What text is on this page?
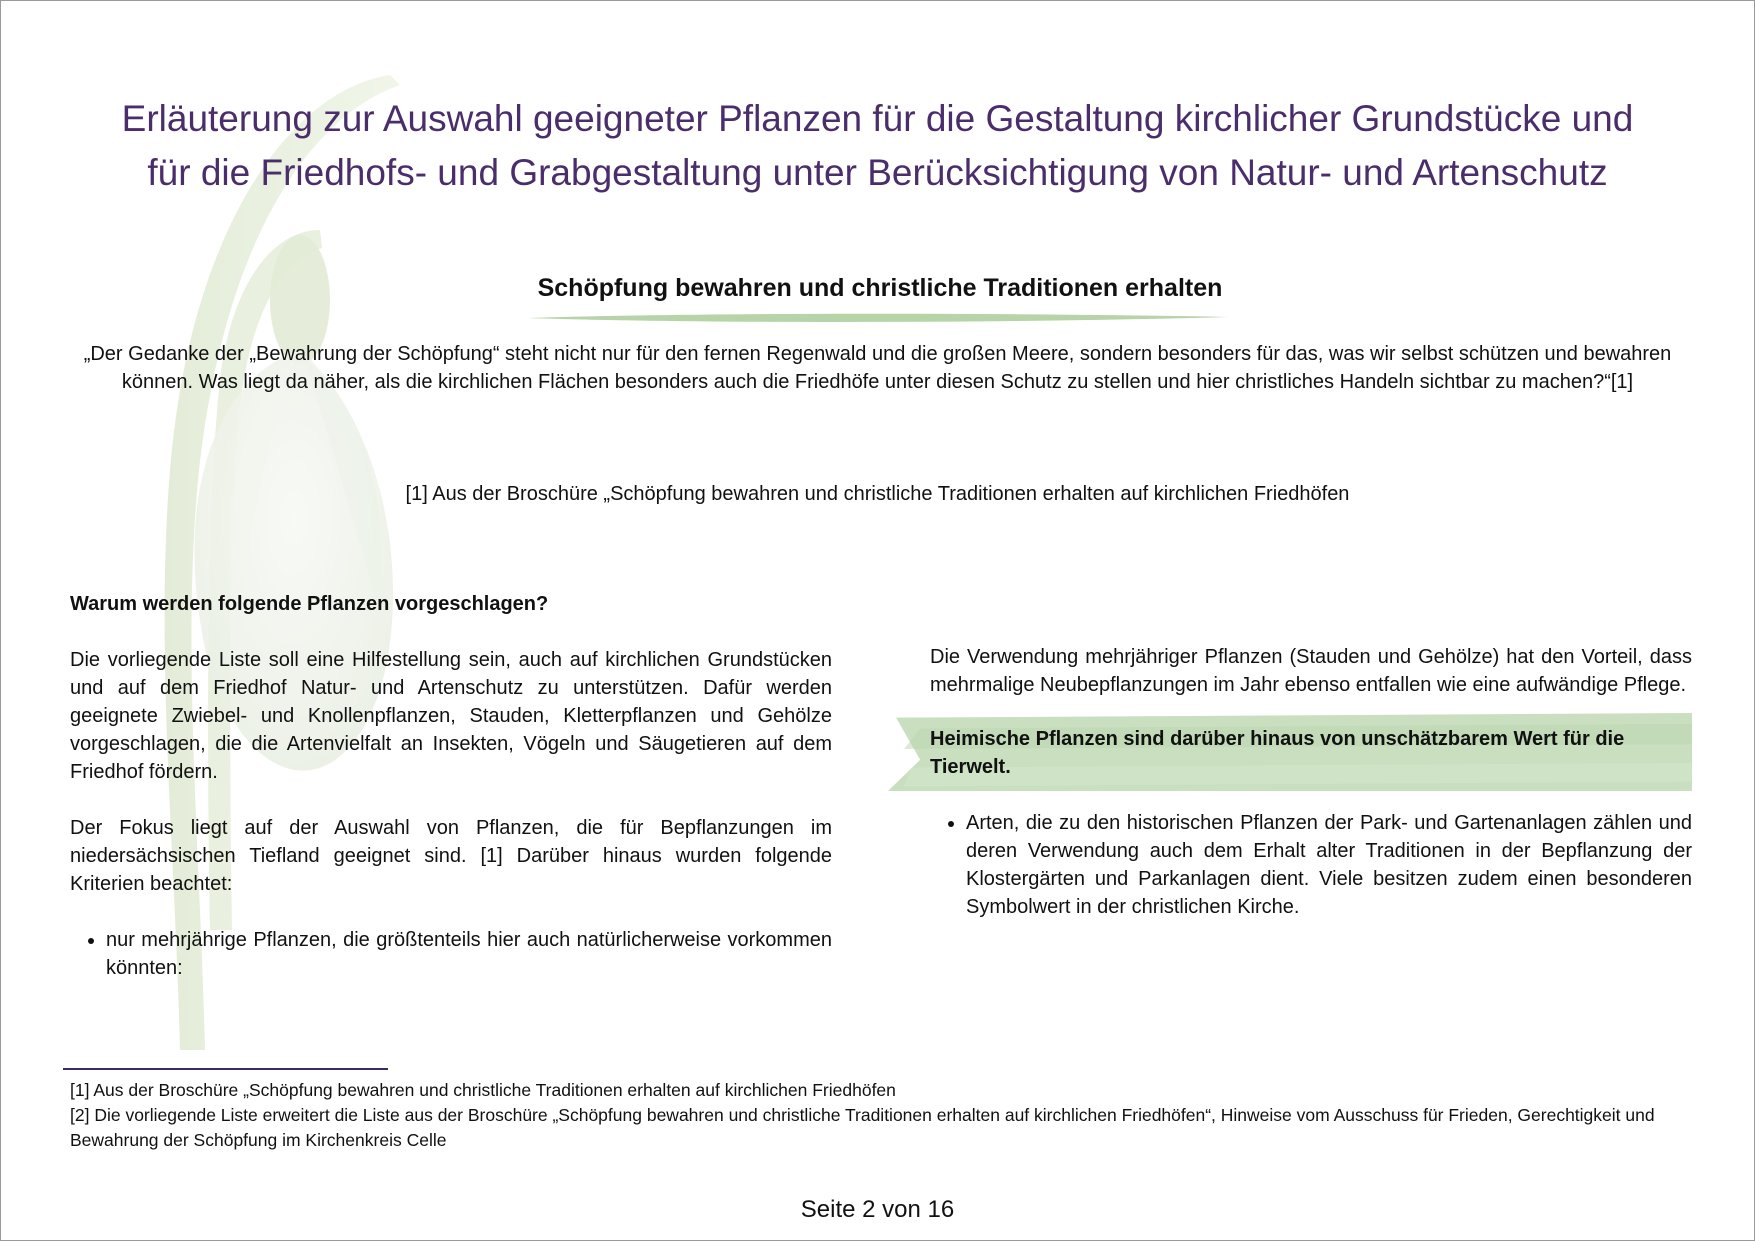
Erläuterung zur Auswahl geeigneter Pflanzen für die Gestaltung kirchlicher Grundstücke und
für die Friedhofs- und Grabgestaltung unter Berücksichtigung von Natur- und Artenschutz
Schöpfung bewahren und christliche Traditionen erhalten

„Der Gedanke der „Bewahrung der Schöpfung“ steht nicht nur für den fernen Regenwald und die großen Meere, sondern besonders für das, was wir selbst schützen und bewahren können. Was liegt da näher, als die kirchlichen Flächen besonders auch die Friedhöfe unter diesen Schutz zu stellen und hier christliches Handeln sichtbar zu machen?“[1]

[1] Aus der Broschüre „Schöpfung bewahren und christliche Traditionen erhalten auf kirchlichen Friedhöfen

Warum werden folgende Pflanzen vorgeschlagen?

Die vorliegende Liste soll eine Hilfestellung sein, auch auf kirchlichen Grundstücken und auf dem Friedhof Natur- und Artenschutz zu unterstützen. Dafür werden geeignete Zwiebel- und Knollenpflanzen, Stauden, Kletterpflanzen und Gehölze vorgeschlagen, die die Artenvielfalt an Insekten, Vögeln und Säugetieren auf dem Friedhof fördern.

Der Fokus liegt auf der Auswahl von Pflanzen, die für Bepflanzungen im niedersächsischen Tiefland geeignet sind. [1] Darüber hinaus wurden folgende Kriterien beachtet:

• nur mehrjährige Pflanzen, die größtenteils hier auch natürlicherweise vorkommen könnten:

Die Verwendung mehrjähriger Pflanzen (Stauden und Gehölze) hat den Vorteil, dass mehrmalige Neubepflanzungen im Jahr ebenso entfallen wie eine aufwändige Pflege.

Heimische Pflanzen sind darüber hinaus von unschätzbarem Wert für die Tierwelt.
• Arten, die zu den historischen Pflanzen der Park- und Gartenanlagen zählen und deren Verwendung auch dem Erhalt alter Traditionen in der Bepflanzung der Klostergärten und Parkanlagen dient. Viele besitzen zudem einen besonderen Symbolwert in der christlichen Kirche.
[1] Aus der Broschüre „Schöpfung bewahren und christliche Traditionen erhalten auf kirchlichen Friedhöfen
[2] Die vorliegende Liste erweitert die Liste aus der Broschüre „Schöpfung bewahren und christliche Traditionen erhalten auf kirchlichen Friedhöfen“, Hinweise vom Ausschuss für Frieden, Gerechtigkeit und Bewahrung der Schöpfung im Kirchenkreis Celle
Seite 2 von 16
